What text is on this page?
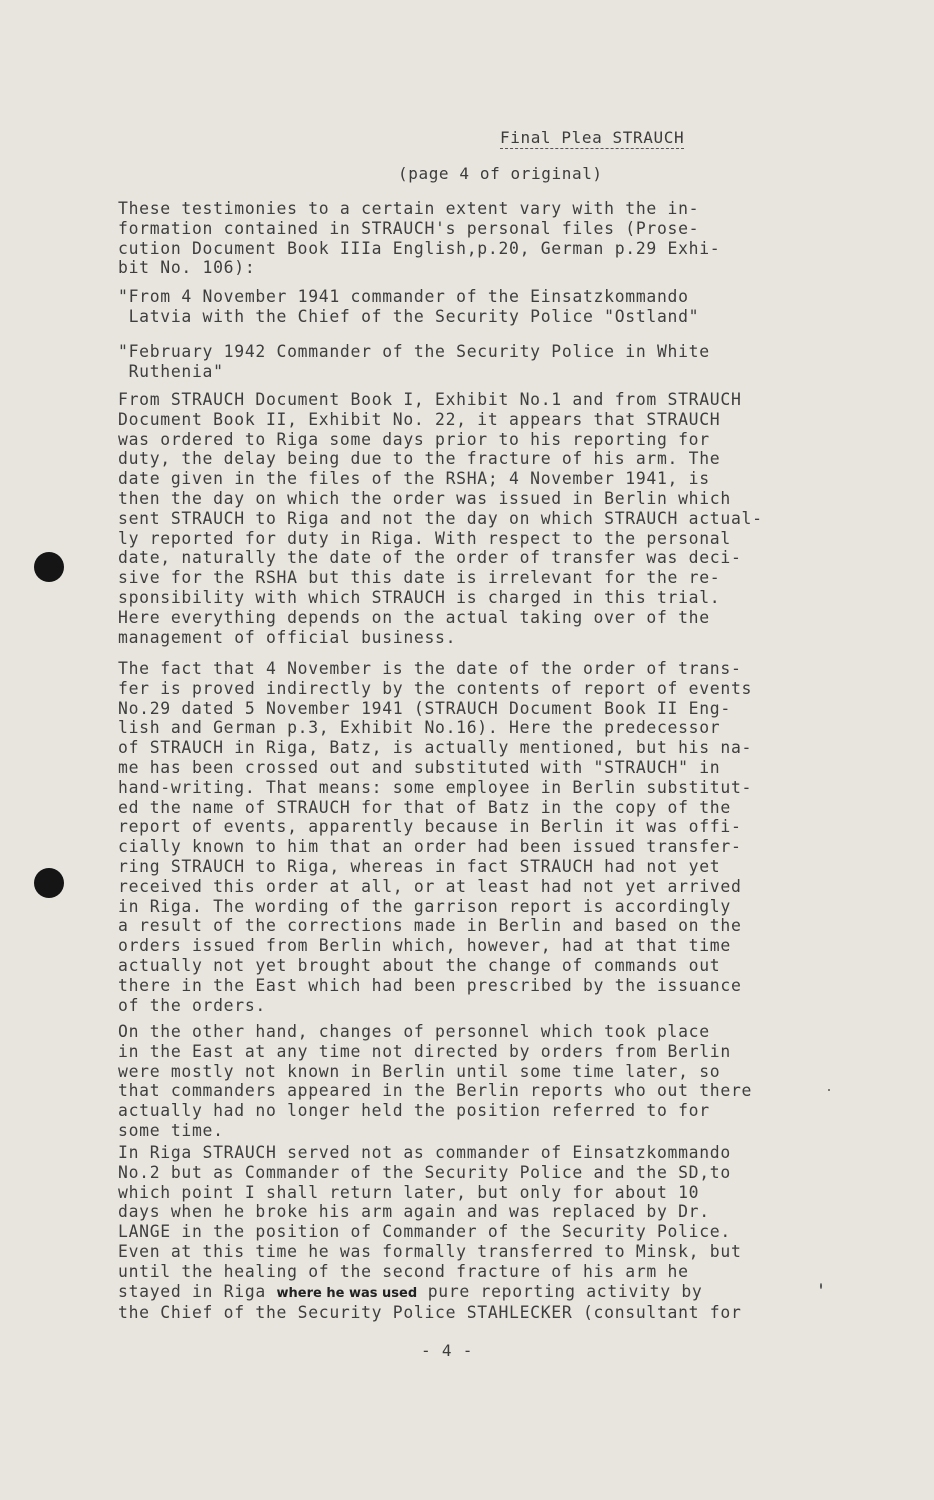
Final Plea STRAUCH
(page 4 of original)
These testimonies to a certain extent vary with the in-
formation contained in STRAUCH's personal files (Prose-
cution Document Book IIIa English,p.20, German p.29 Exhi-
bit No. 106):
"From 4 November 1941 commander of the Einsatzkommando
Latvia with the Chief of the Security Police "Ostland"
"February 1942 Commander of the Security Police in White
Ruthenia"
From STRAUCH Document Book I, Exhibit No.1 and from STRAUCH
Document Book II, Exhibit No. 22, it appears that STRAUCH
was ordered to Riga some days prior to his reporting for
duty, the delay being due to the fracture of his arm. The
date given in the files of the RSHA; 4 November 1941, is
then the day on which the order was issued in Berlin which
sent STRAUCH to Riga and not the day on which STRAUCH actual-
ly reported for duty in Riga. With respect to the personal
date, naturally the date of the order of transfer was deci-
sive for the RSHA but this date is irrelevant for the re-
sponsibility with which STRAUCH is charged in this trial.
Here everything depends on the actual taking over of the
management of official business.
The fact that 4 November is the date of the order of trans-
fer is proved indirectly by the contents of report of events
No.29 dated 5 November 1941 (STRAUCH Document Book II Eng-
lish and German p.3, Exhibit No.16). Here the predecessor
of STRAUCH in Riga, Batz, is actually mentioned, but his na-
me has been crossed out and substituted with "STRAUCH" in
hand-writing. That means: some employee in Berlin substitut-
ed the name of STRAUCH for that of Batz in the copy of the
report of events, apparently because in Berlin it was offi-
cially known to him that an order had been issued transfer-
ring STRAUCH to Riga, whereas in fact STRAUCH had not yet
received this order at all, or at least had not yet arrived
in Riga. The wording of the garrison report is accordingly
a result of the corrections made in Berlin and based on the
orders issued from Berlin which, however, had at that time
actually not yet brought about the change of commands out
there in the East which had been prescribed by the issuance
of the orders.
On the other hand, changes of personnel which took place
in the East at any time not directed by orders from Berlin
were mostly not known in Berlin until some time later, so
that commanders appeared in the Berlin reports who out there
actually had no longer held the position referred to for
some time.
In Riga STRAUCH served not as commander of Einsatzkommando
No.2 but as Commander of the Security Police and the SD,to
which point I shall return later, but only for about 10
days when he broke his arm again and was replaced by Dr.
LANGE in the position of Commander of the Security Police.
Even at this time he was formally transferred to Minsk, but
until the healing of the second fracture of his arm he
stayed in Riga where he was used pure reporting activity by
the Chief of the Security Police STAHLECKER (consultant for
- 4 -
